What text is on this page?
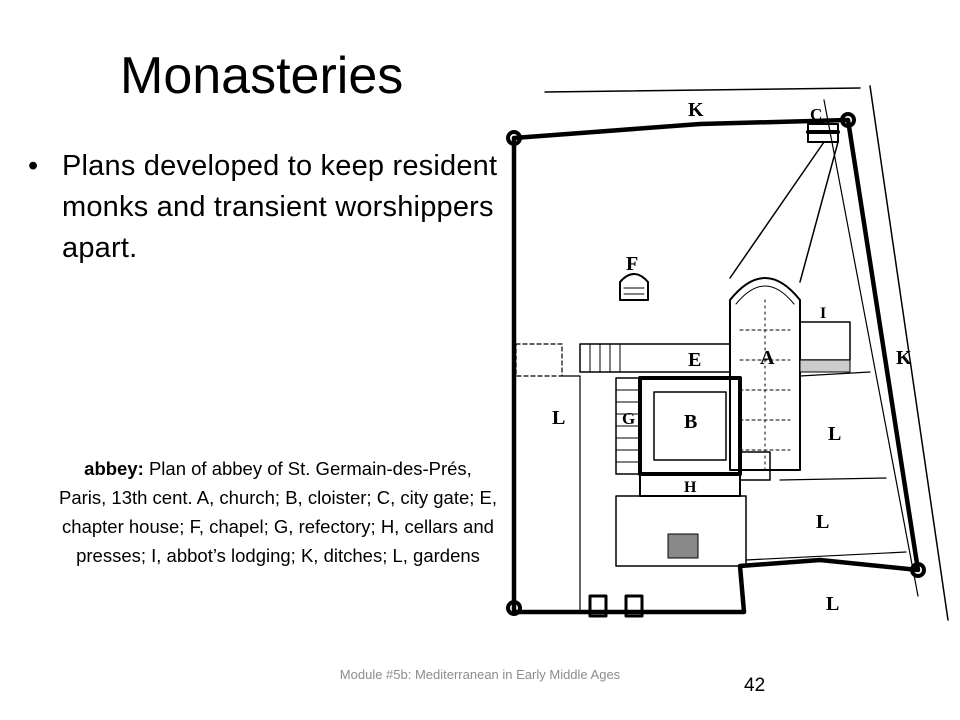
Monasteries
• Plans developed to keep resident monks and transient worshippers apart.
A
B
C
E
F
G
H
I
K
K
L
L
L
L
abbey: Plan of abbey of St. Germain-des-Prés, Paris, 13th cent. A, church; B, cloister; C, city gate; E, chapter house; F, chapel; G, refectory; H, cellars and presses; I, abbot’s lodging; K, ditches; L, gardens
Module #5b: Mediterranean in Early Middle Ages
42
